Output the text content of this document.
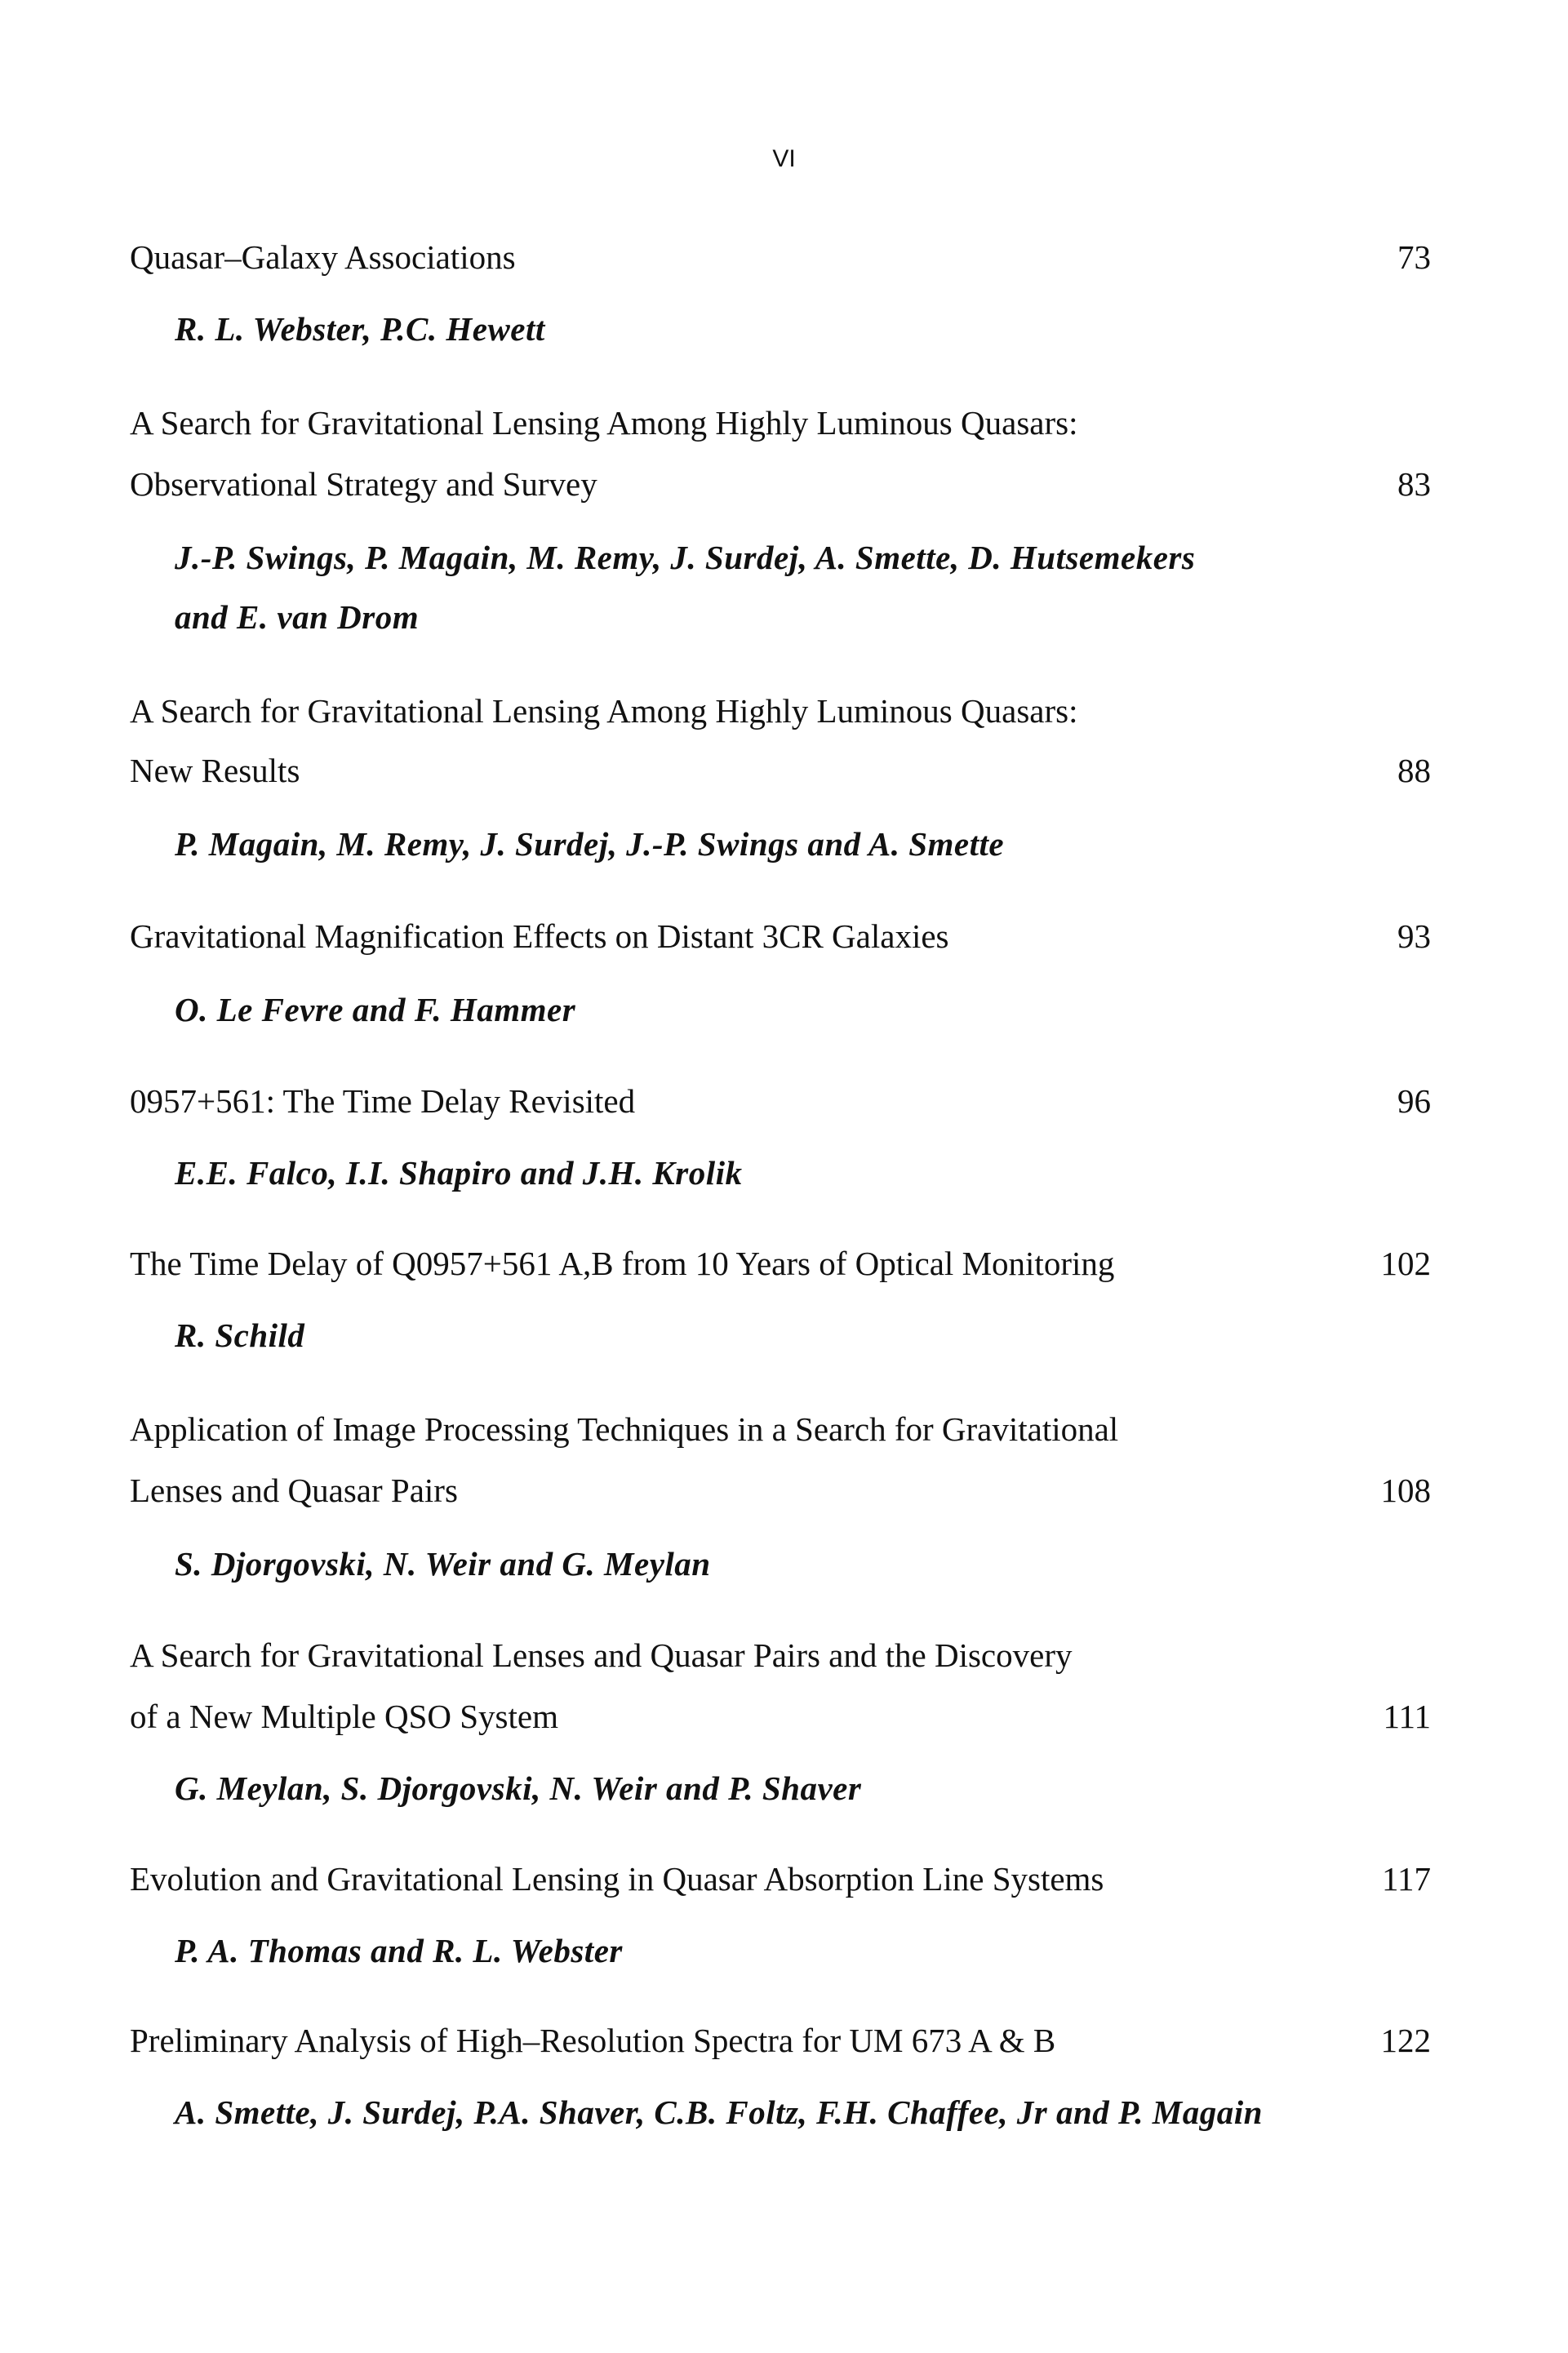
VI
Quasar–Galaxy Associations	73
R. L. Webster, P.C. Hewett
A Search for Gravitational Lensing Among Highly Luminous Quasars:
Observational Strategy and Survey	83
J.-P. Swings, P. Magain, M. Remy, J. Surdej, A. Smette, D. Hutsemekers
and E. van Drom
A Search for Gravitational Lensing Among Highly Luminous Quasars:
New Results	88
P. Magain, M. Remy, J. Surdej, J.-P. Swings and A. Smette
Gravitational Magnification Effects on Distant 3CR Galaxies	93
O. Le Fevre and F. Hammer
0957+561: The Time Delay Revisited	96
E.E. Falco, I.I. Shapiro and J.H. Krolik
The Time Delay of Q0957+561 A,B from 10 Years of Optical Monitoring	102
R. Schild
Application of Image Processing Techniques in a Search for Gravitational
Lenses and Quasar Pairs	108
S. Djorgovski, N. Weir and G. Meylan
A Search for Gravitational Lenses and Quasar Pairs and the Discovery
of a New Multiple QSO System	111
G. Meylan, S. Djorgovski, N. Weir and P. Shaver
Evolution and Gravitational Lensing in Quasar Absorption Line Systems	117
P. A. Thomas and R. L. Webster
Preliminary Analysis of High–Resolution Spectra for UM 673 A & B	122
A. Smette, J. Surdej, P.A. Shaver, C.B. Foltz, F.H. Chaffee, Jr and P. Magain
